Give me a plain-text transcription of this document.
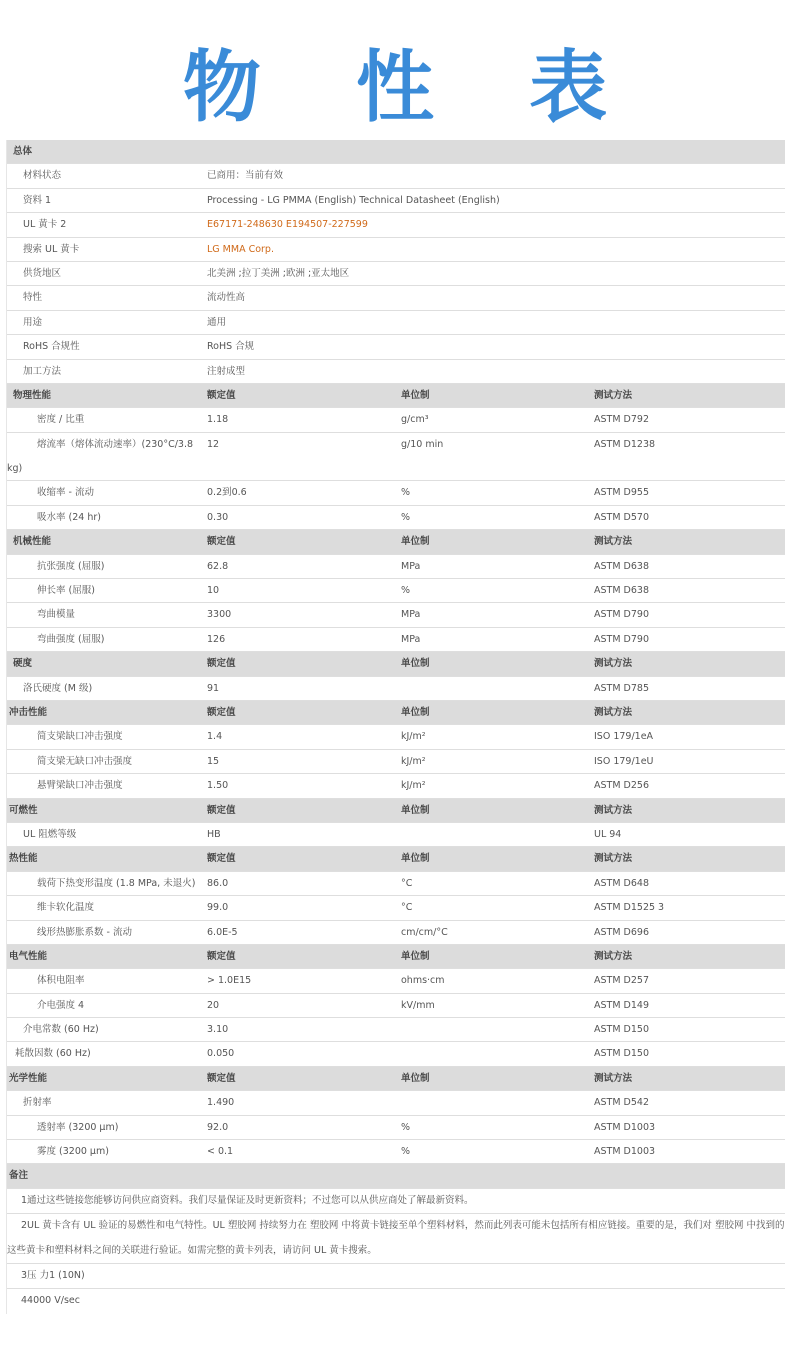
物 性 表
总体
材料状态	已商用：当前有效
资料 1	Processing - LG PMMA (English) Technical Datasheet (English)
UL 黄卡 2	E67171-248630 E194507-227599
搜索 UL 黄卡	LG MMA Corp.
供货地区	北美洲 ;拉丁美洲 ;欧洲 ;亚太地区
特性	流动性高
用途	通用
RoHS 合规性	RoHS 合规
加工方法	注射成型
物理性能	额定值	单位制	测试方法
密度 / 比重	1.18	g/cm³	ASTM D792
熔流率（熔体流动速率）(230°C/3.8 kg)
12	g/10 min	ASTM D1238
收缩率 - 流动	0.2到0.6	%	ASTM D955
吸水率 (24 hr)	0.30	%	ASTM D570
机械性能	额定值	单位制	测试方法
抗张强度 (屈服)	62.8	MPa	ASTM D638
伸长率 (屈服)	10	%	ASTM D638
弯曲模量	3300	MPa	ASTM D790
弯曲强度 (屈服)	126	MPa	ASTM D790
硬度	额定值	单位制	测试方法
洛氏硬度 (M 级)	91	ASTM D785
冲击性能	额定值	单位制	测试方法
简支梁缺口冲击强度	1.4	kJ/m²	ISO 179/1eA
简支梁无缺口冲击强度	15	kJ/m²	ISO 179/1eU
悬臂梁缺口冲击强度	1.50	kJ/m²	ASTM D256
可燃性	额定值	单位制	测试方法
UL 阻燃等级	HB	UL 94
热性能	额定值	单位制	测试方法
载荷下热变形温度 (1.8 MPa, 未退火) 86.0	°C	ASTM D648
维卡软化温度	99.0	°C	ASTM D1525 3
线形热膨胀系数 - 流动	6.0E-5	cm/cm/°C	ASTM D696
电气性能	额定值	单位制	测试方法
体积电阻率	> 1.0E15	ohms·cm	ASTM D257
介电强度 4	20	kV/mm	ASTM D149
介电常数 (60 Hz)	3.10	ASTM D150
耗散因数 (60 Hz)	0.050	ASTM D150
光学性能	额定值	单位制	测试方法
折射率	1.490	ASTM D542
透射率 (3200 µm)	92.0	%	ASTM D1003
雾度 (3200 µm)	< 0.1	%	ASTM D1003
备注
1通过这些链接您能够访问供应商资料。我们尽量保证及时更新资料；不过您可以从供应商处了解最新资料。
2UL 黄卡含有 UL 验证的易燃性和电气特性。UL 塑胶网 持续努力在 塑胶网 中将黄卡链接至单个塑料材料，然而此列表可能未包括所有相应链接。重要的是，我们对 塑胶网 中找到的这些黄卡和塑料材料之间的关联进行验证。如需完整的黄卡列表，请访问 UL 黄卡搜索。
3压 力1 (10N)
44000 V/sec
